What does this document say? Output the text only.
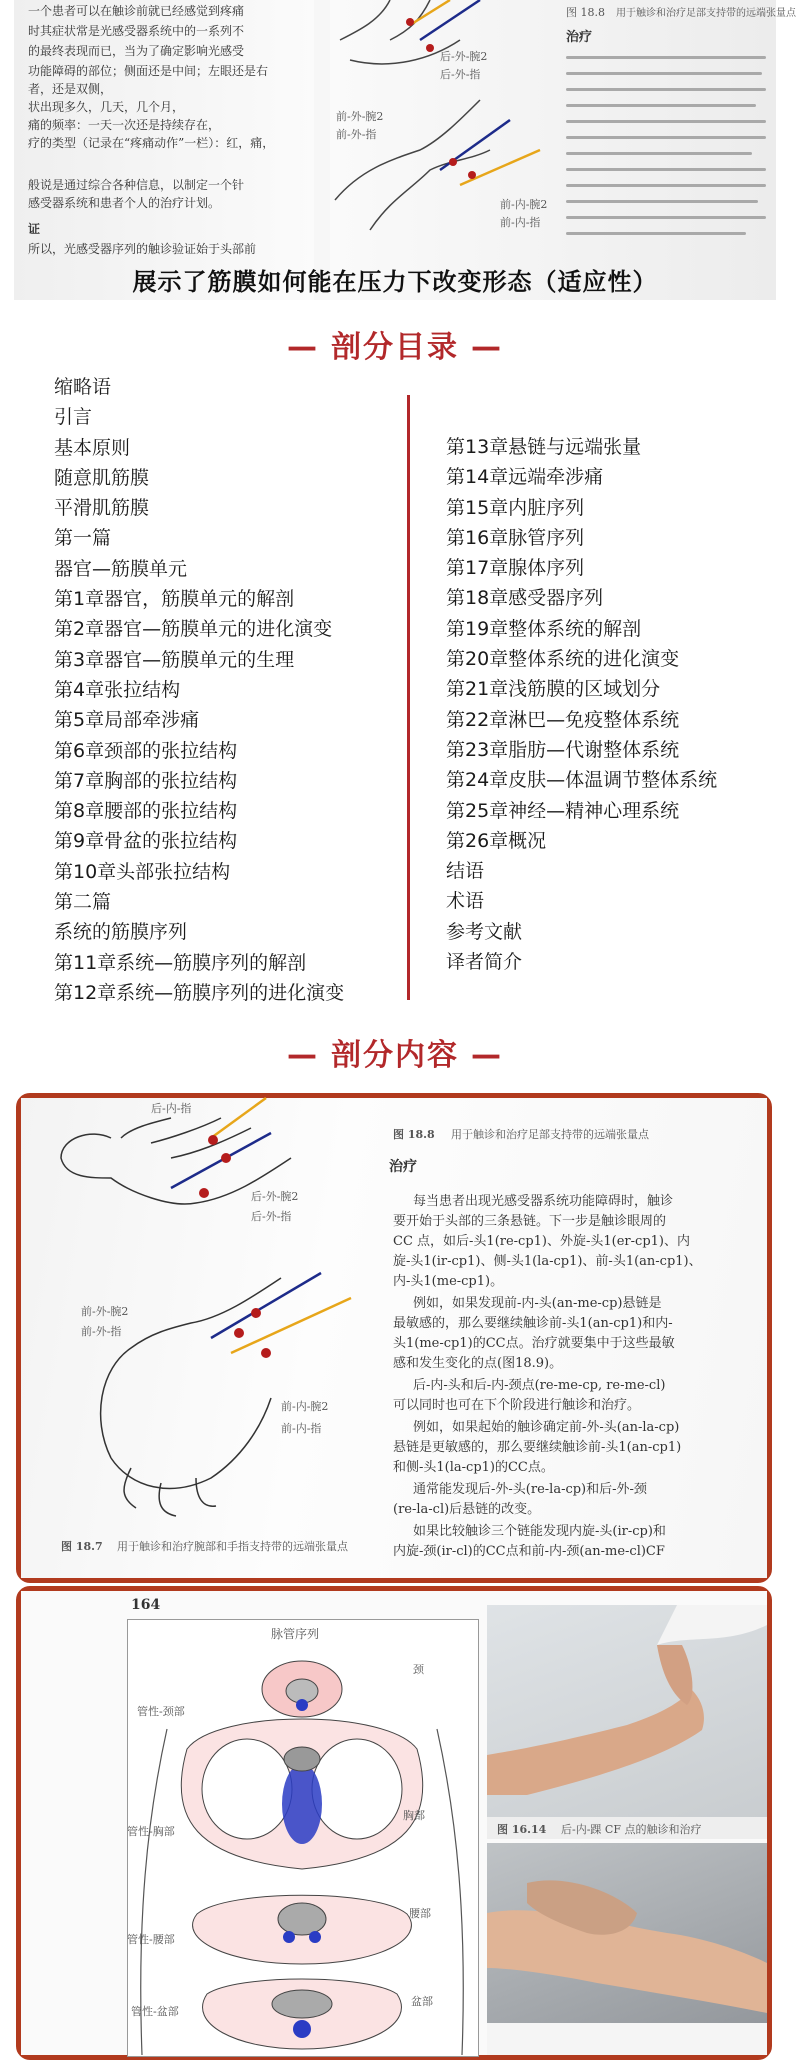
一个患者可以在触诊前就已经感觉到疼痛
时其症状常是光感受器系统中的一系列不
的最终表现而已，当为了确定影响光感受
功能障碍的部位；侧面还是中间；左眼还是右
者，还是双侧，
状出现多久，几天，几个月，
痛的频率：一天一次还是持续存在，
疗的类型（记录在“疼痛动作”一栏）：红，痛，
般说是通过综合各种信息，以制定一个针
感受器系统和患者个人的治疗计划。
证
所以，光感受器序列的触诊验证始于头部前
后-外-腕2
后-外-指
前-外-腕2
前-外-指
前-内-腕2
前-内-指
图 18.8 用于触诊和治疗足部支持带的远端张量点
治疗
展示了筋膜如何能在压力下改变形态（适应性）
— 剖分目录 —
缩略语
引言
基本原则
随意肌筋膜
平滑肌筋膜
第一篇
器官—筋膜单元
第1章器官，筋膜单元的解剖
第2章器官—筋膜单元的进化演变
第3章器官—筋膜单元的生理
第4章张拉结构
第5章局部牵涉痛
第6章颈部的张拉结构
第7章胸部的张拉结构
第8章腰部的张拉结构
第9章骨盆的张拉结构
第10章头部张拉结构
第二篇
系统的筋膜序列
第11章系统—筋膜序列的解剖
第12章系统—筋膜序列的进化演变
第13章悬链与远端张量
第14章远端牵涉痛
第15章内脏序列
第16章脉管序列
第17章腺体序列
第18章感受器序列
第19章整体系统的解剖
第20章整体系统的进化演变
第21章浅筋膜的区域划分
第22章淋巴—免疫整体系统
第23章脂肪—代谢整体系统
第24章皮肤—体温调节整体系统
第25章神经—精神心理系统
第26章概况
结语
术语
参考文献
译者简介
— 剖分内容 —
后-内-指
后-外-腕2
后-外-指
前-外-腕2
前-外-指
前-内-腕2
前-内-指
图 18.7 用于触诊和治疗腕部和手指支持带的远端张量点
图 18.8 用于触诊和治疗足部支持带的远端张量点
治疗
每当患者出现光感受器系统功能障碍时，触诊
要开始于头部的三条悬链。下一步是触诊眼周的
CC 点，如后-头1(re-cp1)、外旋-头1(er-cp1)、内
旋-头1(ir-cp1)、侧-头1(la-cp1)、前-头1(an-cp1)、
内-头1(me-cp1)。
例如，如果发现前-内-头(an-me-cp)悬链是
最敏感的，那么要继续触诊前-头1(an-cp1)和内-
头1(me-cp1)的CC点。治疗就要集中于这些最敏
感和发生变化的点(图18.9)。
后-内-头和后-内-颈点(re-me-cp, re-me-cl)
可以同时也可在下个阶段进行触诊和治疗。
例如，如果起始的触诊确定前-外-头(an-la-cp)
悬链是更敏感的，那么要继续触诊前-头1(an-cp1)
和侧-头1(la-cp1)的CC点。
通常能发现后-外-头(re-la-cp)和后-外-颈
(re-la-cl)后悬链的改变。
如果比较触诊三个链能发现内旋-头(ir-cp)和
内旋-颈(ir-cl)的CC点和前-内-颈(an-me-cl)CF
164
脉管序列
管性-颈部
管性-胸部
管性-腰部
管性-盆部
颈
胸部
腰部
盆部
图 16.14 后-内-踝 CF 点的触诊和治疗
